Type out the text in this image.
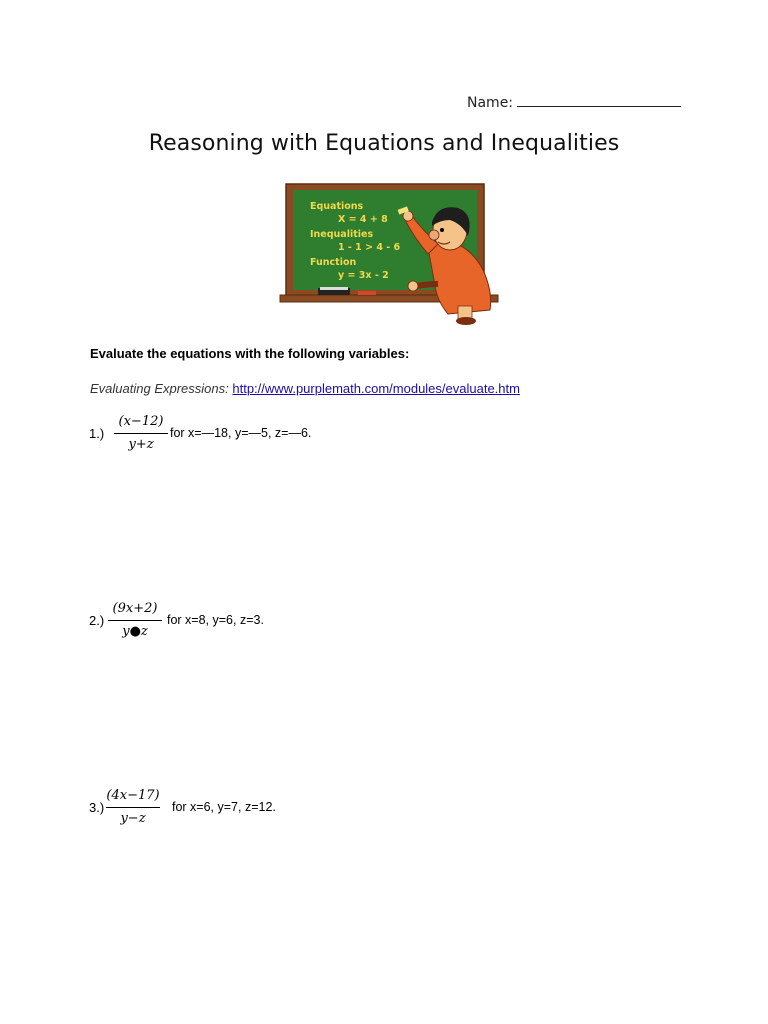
Name:
Reasoning with Equations and Inequalities
Equations
X = 4 + 8
Inequalities
1 - 1 > 4 - 6
Function
y = 3x - 2
Evaluate the equations with the following variables:
Evaluating Expressions: http://www.purplemath.com/modules/evaluate.htm
1.)
(x−12)
y+z
for x=—18, y=—5, z=—6.
2.)
(9x+2)
y●z
for x=8, y=6, z=3.
3.)
(4x−17)
y−z
for x=6, y=7, z=12.
